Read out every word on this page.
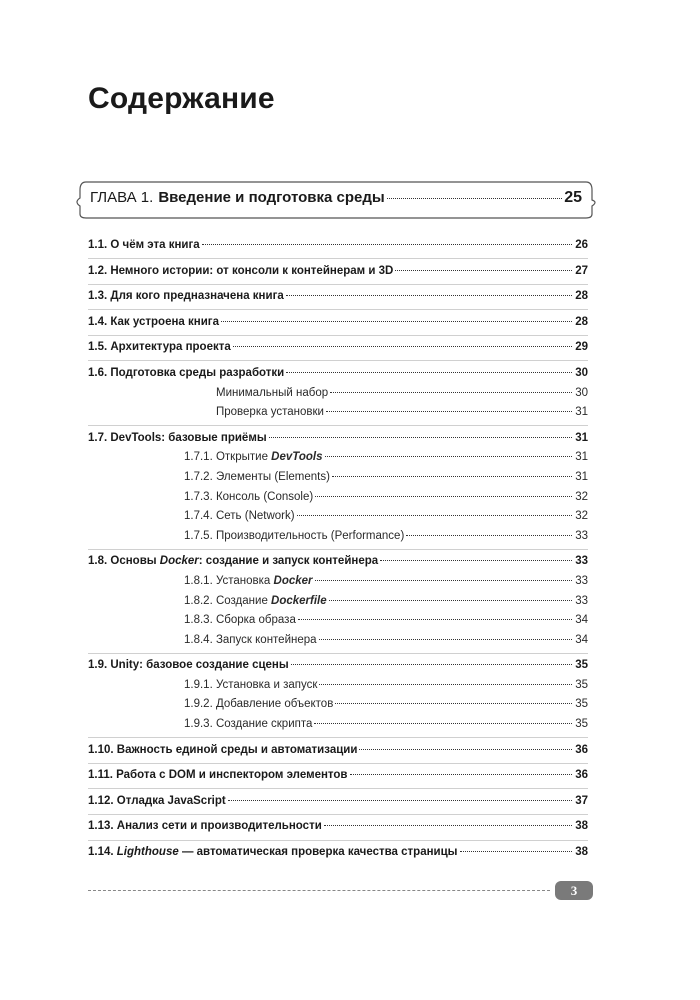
Содержание
ГЛАВА 1. Введение и подготовка среды	25
1.1. О чём эта книга	26
1.2. Немного истории: от консоли к контейнерам и 3D	27
1.3. Для кого предназначена книга	28
1.4. Как устроена книга	28
1.5. Архитектура проекта	29
1.6. Подготовка среды разработки	30
Минимальный набор	30
Проверка установки	31
1.7. DevTools: базовые приёмы	31
1.7.1. Открытие DevTools	31
1.7.2. Элементы (Elements)	31
1.7.3. Консоль (Console)	32
1.7.4. Сеть (Network)	32
1.7.5. Производительность (Performance)	33
1.8. Основы Docker: создание и запуск контейнера	33
1.8.1. Установка Docker	33
1.8.2. Создание Dockerfile	33
1.8.3. Сборка образа	34
1.8.4. Запуск контейнера	34
1.9. Unity: базовое создание сцены	35
1.9.1. Установка и запуск	35
1.9.2. Добавление объектов	35
1.9.3. Создание скрипта	35
1.10. Важность единой среды и автоматизации	36
1.11. Работа с DOM и инспектором элементов	36
1.12. Отладка JavaScript	37
1.13. Анализ сети и производительности	38
1.14. Lighthouse — автоматическая проверка качества страницы	38
3
